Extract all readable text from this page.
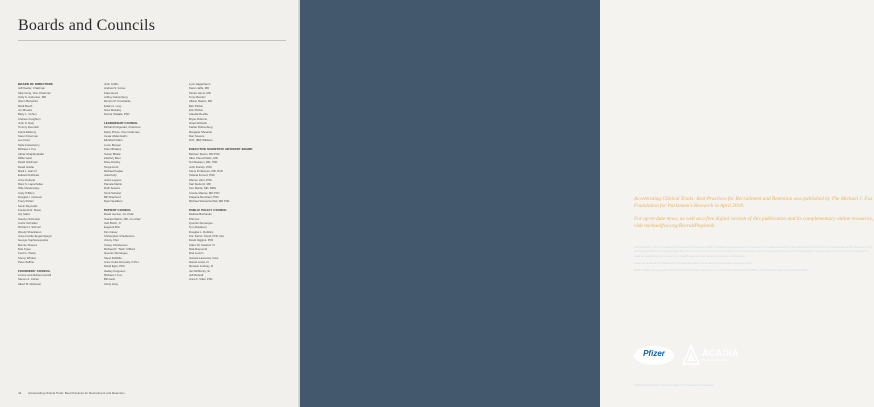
Boards and Councils
BOARD OF DIRECTORS
Jeff Keefer, Chairman
Skip Irving, Vice Chairman
Holly S. Andersen, MD
Glenn Berkshire
Mark Booth
Jon Brooks
Betty L. Cohen
Andrew Creighton
John S. Daly
Tommy Doernich
Frank Elsberry
Karen Finerman
Lee Fried
Nelle Fortenberry
Michael J. Fox
Akhar Ghaphtoaralla
Willie Geist
David Glickman
David Goldie
Mark L. Hart III
Edward Koltbraw
Anne Kurland
Marc S. Lapschulka
Ollie Niewierosky
Andy O'Brien
Douglas I. Ostrover
Tracy Pollan
Kevin Reynolds
Frederick E. Rowe
Lily Safra
Carolyn Schenker
Curtis Schnitker
Richard J. Schnell
Woody Shackleton
Anne-Cecilie Engell Speyer
George Sophianopoulos
Bonnie Strauss
Rob Typer
Fred G. Weiss
Sonny Wholes
Peter Zaffino
FOUNDERS' COUNCIL
Lonnie and Muhammad Ali
Steven A. Cohen
Albert B. Glickman
John Griffin
Andrew S. Grove
Katie Hood
Jeffrey Katzenberg
Morton M. Kondracke
Edwin A. Levy
Nora Mulcahy
Donna Shalala, PhD
LEADERSHIP COUNCIL
Richard Fitzgerald, Chairman
Daisy Prince, Vice Chairman
Cesar Abdel-Halim
Elizabeth Alam
Loren Bergen
Peter Binakos
Susan Bilotta
Zachary Brier
Dave Dandry
Tanya Hurd
Michael Kaplan
Julia Kelly
Justin Legrow
Pamela Martin
Ruth Sowers
Scott Scheiter
Bill Shepherd
Ryan Spellison
PATIENT COUNCIL
David Iverson, Co-Chair
Soania Mathur, MD, Co-Chair
Carl Bolch, Jr.
Eugenia Brin
Kim Casey
Christopher Chadbourne
Jimmy Choi
Casey Christensen
Michael R. "Nick" Clifford
Quentin Durrangue
Steve DeWitte
Anne Coles Donnelly, D.P.H.
David Eger, PhD
Hadley Ferguson
Michael J. Fox
Bill Geist
Cindy Gray
Lynn Hagerbaum
Karen Jaffe, MD
Nicole Jarvis, MD
Tony Mendez
Allison Maiolo, MD
Bert Parker
Eric Pitcher
Claudia Revilla
Bryan Roberts
Israel Robledo
Karlan Rothenberg
Margaret Sheehan
Dan Sowers
W.N. (Bill) Williams
EXECUTIVE SCIENTIFIC ADVISORY BOARD
Bertram Flores, MD PhD
Alice Chen-Plotkin, MD
Ted Dawson, MD, PhD
John Dunlop, PhD
Steve Finkbeiner, MD, PhD
Tatiana Foroud, PhD
Warren Hirst, PhD
Karl Kieburtz, MD
Ken Marek, MD, MPH
Connie Marras, MD PhD
Kalpana Merchant, PhD
Michael Schwarzschild, MD PhD
PUBLIC POLICY COUNCIL
Melissa Buchanan
Phil Cox
Quentin Durrangue
Tom Davidson
Douglas L. Dobbins
Col. Karl E. Friedl, PhD, Ret.
David Higgins, PhD
Adam W. Kelleher III
Matt Raymond
Rod Lovern
Jessica Lawrence-Voss
Daniel Lewis, III
Meranie Lindsay, III
Jan McMurtry, Sr.
Jeff Rettedt
Anne F. Vittel, PhD
44 Accelerating Clinical Trials: Best Practices for Recruitment and Retention

Accelerating Clinical Trials: Best Practices for Recruitment and Retention was published by The Michael J. Fox Foundation for Parkinson's Research in April 2018.

For up-to-date news, as well as a free digital version of this publication and its complementary online resources, visit michaeljfox.org/RecruitPlaybook.

The Michael J. Fox Foundation for Parkinson's Research (MJFF) gratefully acknowledges the Strategic Committee members of the Recruitment 2017 Summit, Director Alexander Sweeney, and all those at MJFF who helped shape the content. The views expressed are those of the contributors and not necessarily those of the Foundation or its sponsors. Content is not intended to be used as medical advice; consult your health care provider before enrolling in a clinical trial.

Learn more about the Parkinson's Disease Education Consortium at michaeljfox.org/consortium.

MJFF thanks the sponsors of this publication for their support of our recruitment and retention efforts, which helped make this guide possible.

Pfizer	ACADIA
Pharmaceuticals Inc.
©2018 The Michael J. Fox Foundation for Parkinson's Research
